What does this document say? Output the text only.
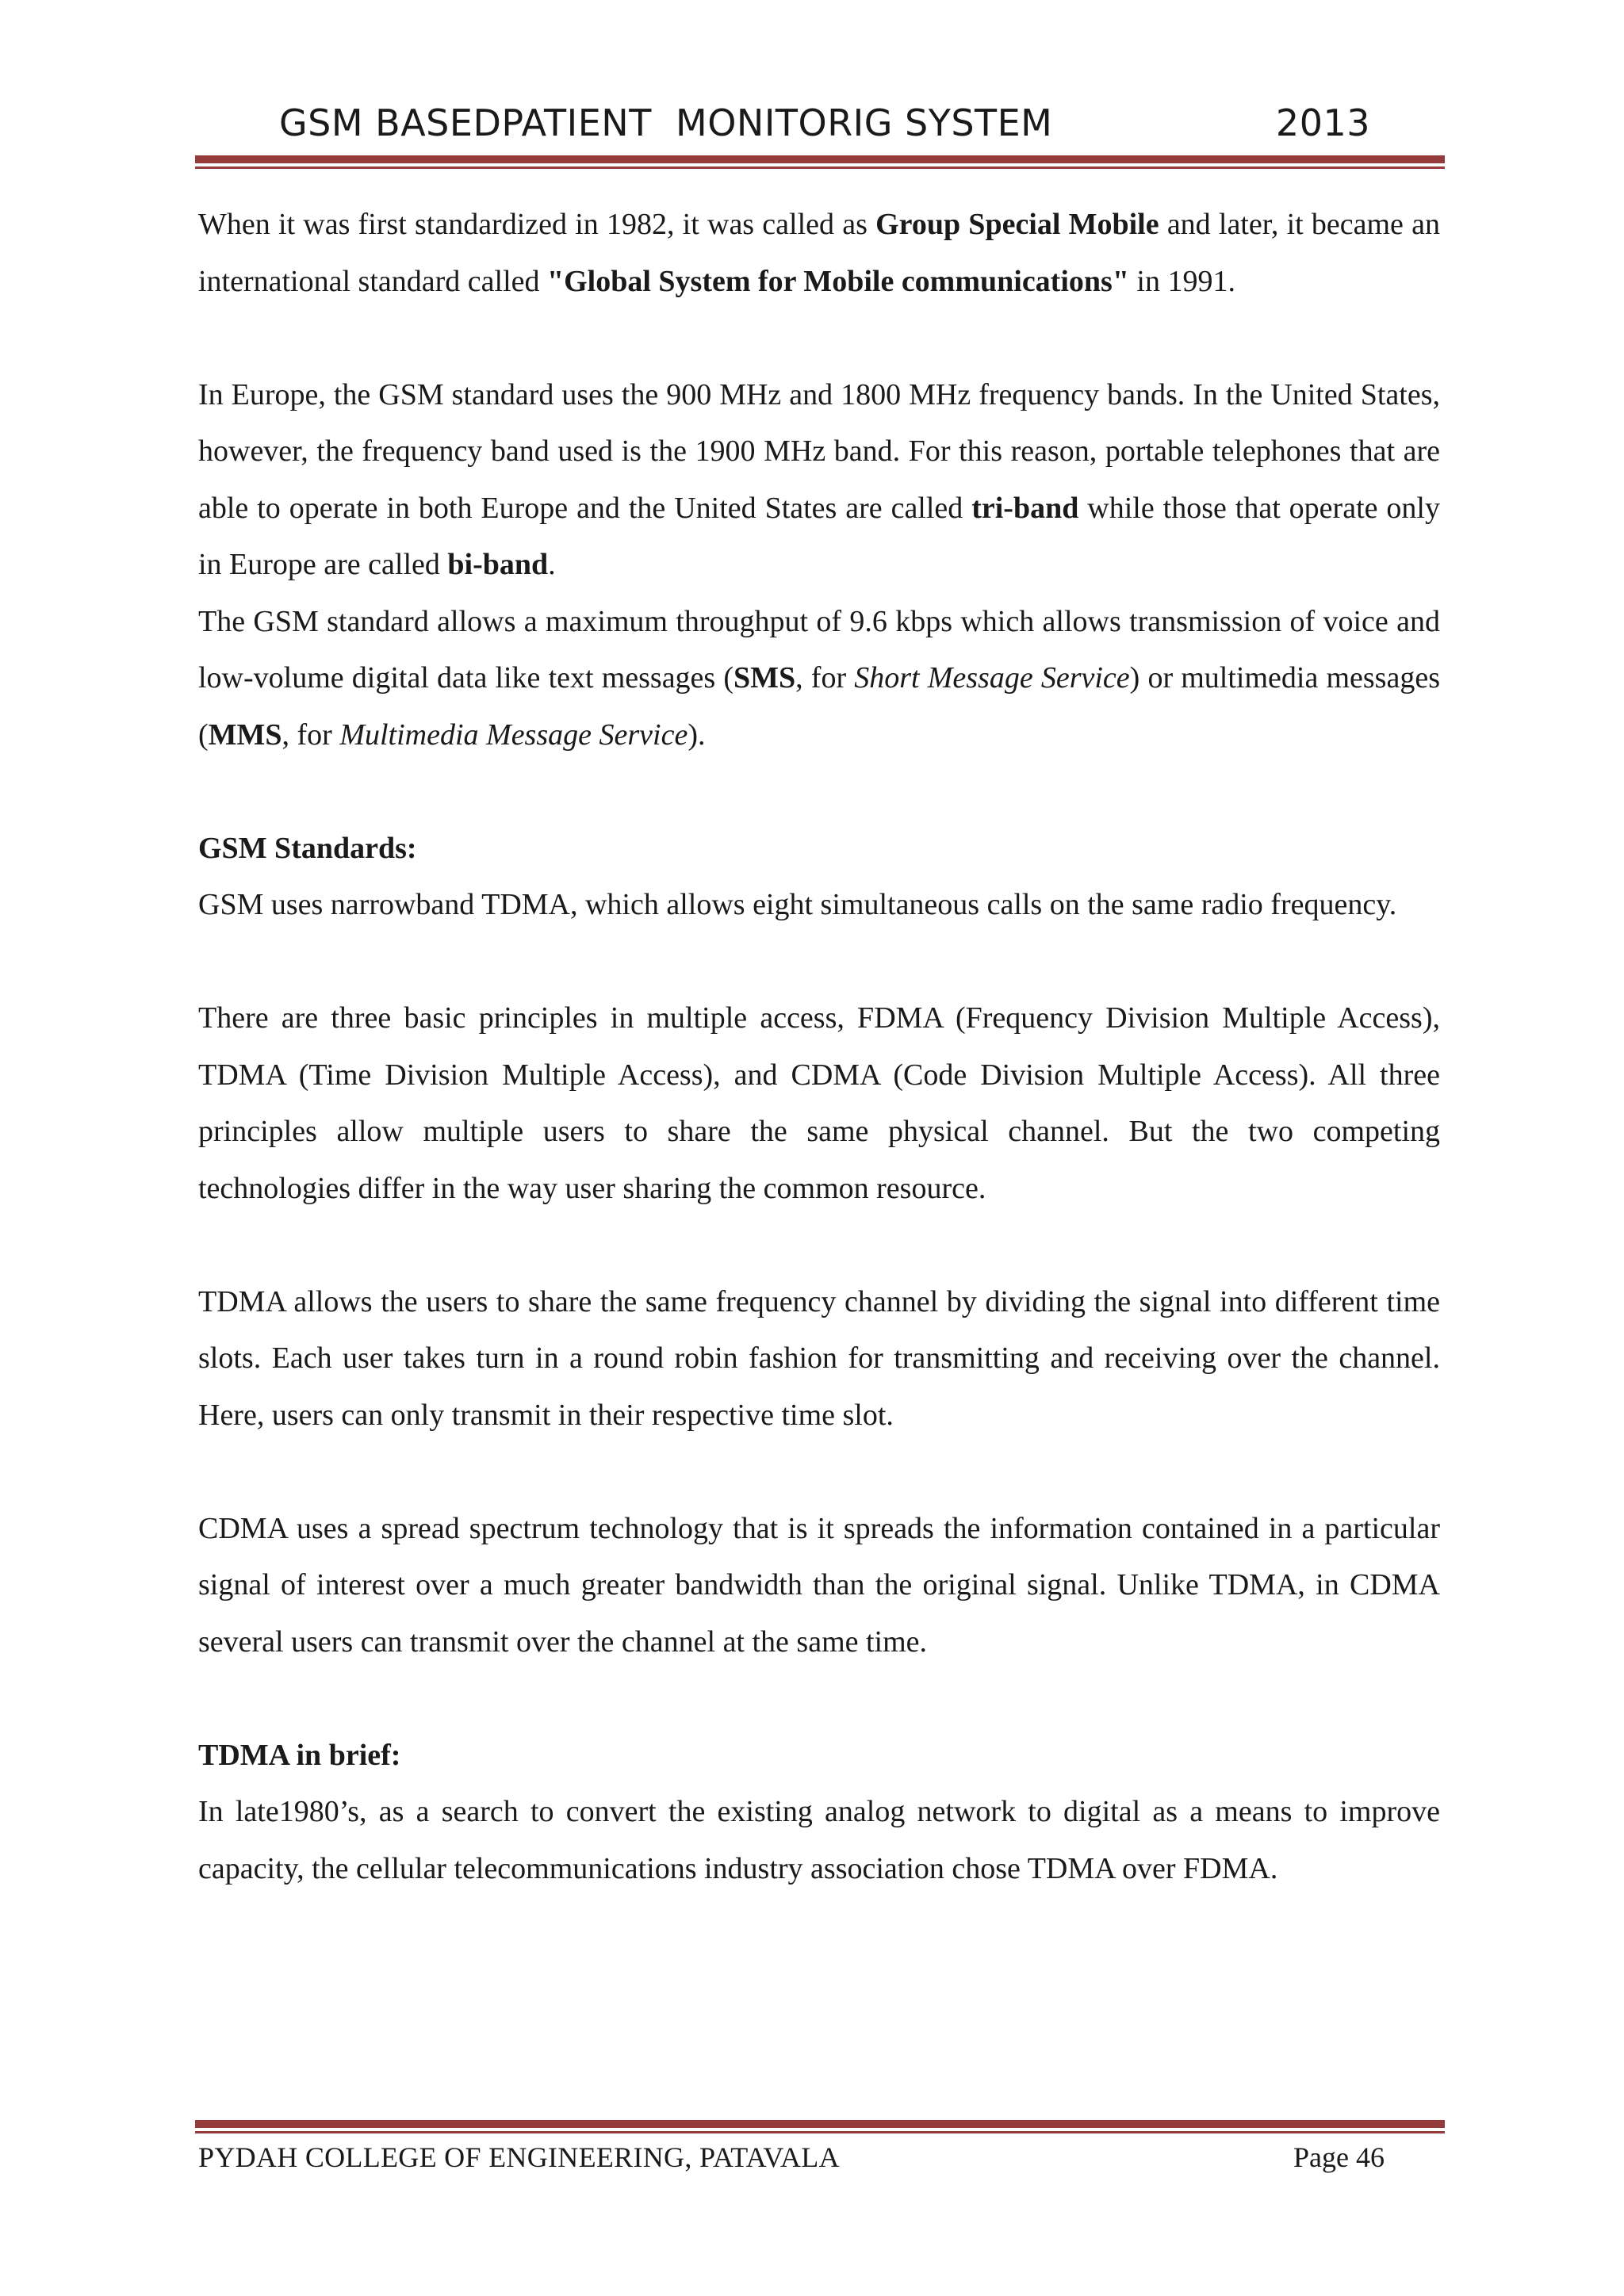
GSM BASEDPATIENT  MONITORIG SYSTEM	2013

When it was first standardized in 1982, it was called as Group Special Mobile and later, it became an international standard called "Global System for Mobile communications" in 1991.

In Europe, the GSM standard uses the 900 MHz and 1800 MHz frequency bands. In the United States, however, the frequency band used is the 1900 MHz band. For this reason, portable telephones that are able to operate in both Europe and the United States are called tri-band while those that operate only in Europe are called bi-band.

The GSM standard allows a maximum throughput of 9.6 kbps which allows transmission of voice and low-volume digital data like text messages (SMS, for Short Message Service) or multimedia messages (MMS, for Multimedia Message Service).

GSM Standards:

GSM uses narrowband TDMA, which allows eight simultaneous calls on the same radio frequency.

There are three basic principles in multiple access, FDMA (Frequency Division Multiple Access), TDMA (Time Division Multiple Access), and CDMA (Code Division Multiple Access). All three principles allow multiple users to share the same physical channel. But the two competing technologies differ in the way user sharing the common resource.

TDMA allows the users to share the same frequency channel by dividing the signal into different time slots. Each user takes turn in a round robin fashion for transmitting and receiving over the channel. Here, users can only transmit in their respective time slot.

CDMA uses a spread spectrum technology that is it spreads the information contained in a particular signal of interest over a much greater bandwidth than the original signal. Unlike TDMA, in CDMA several users can transmit over the channel at the same time.

TDMA in brief:

In late1980’s, as a search to convert the existing analog network to digital as a means to improve capacity, the cellular telecommunications industry association chose TDMA over FDMA.

PYDAH COLLEGE OF ENGINEERING, PATAVALA	Page 46
